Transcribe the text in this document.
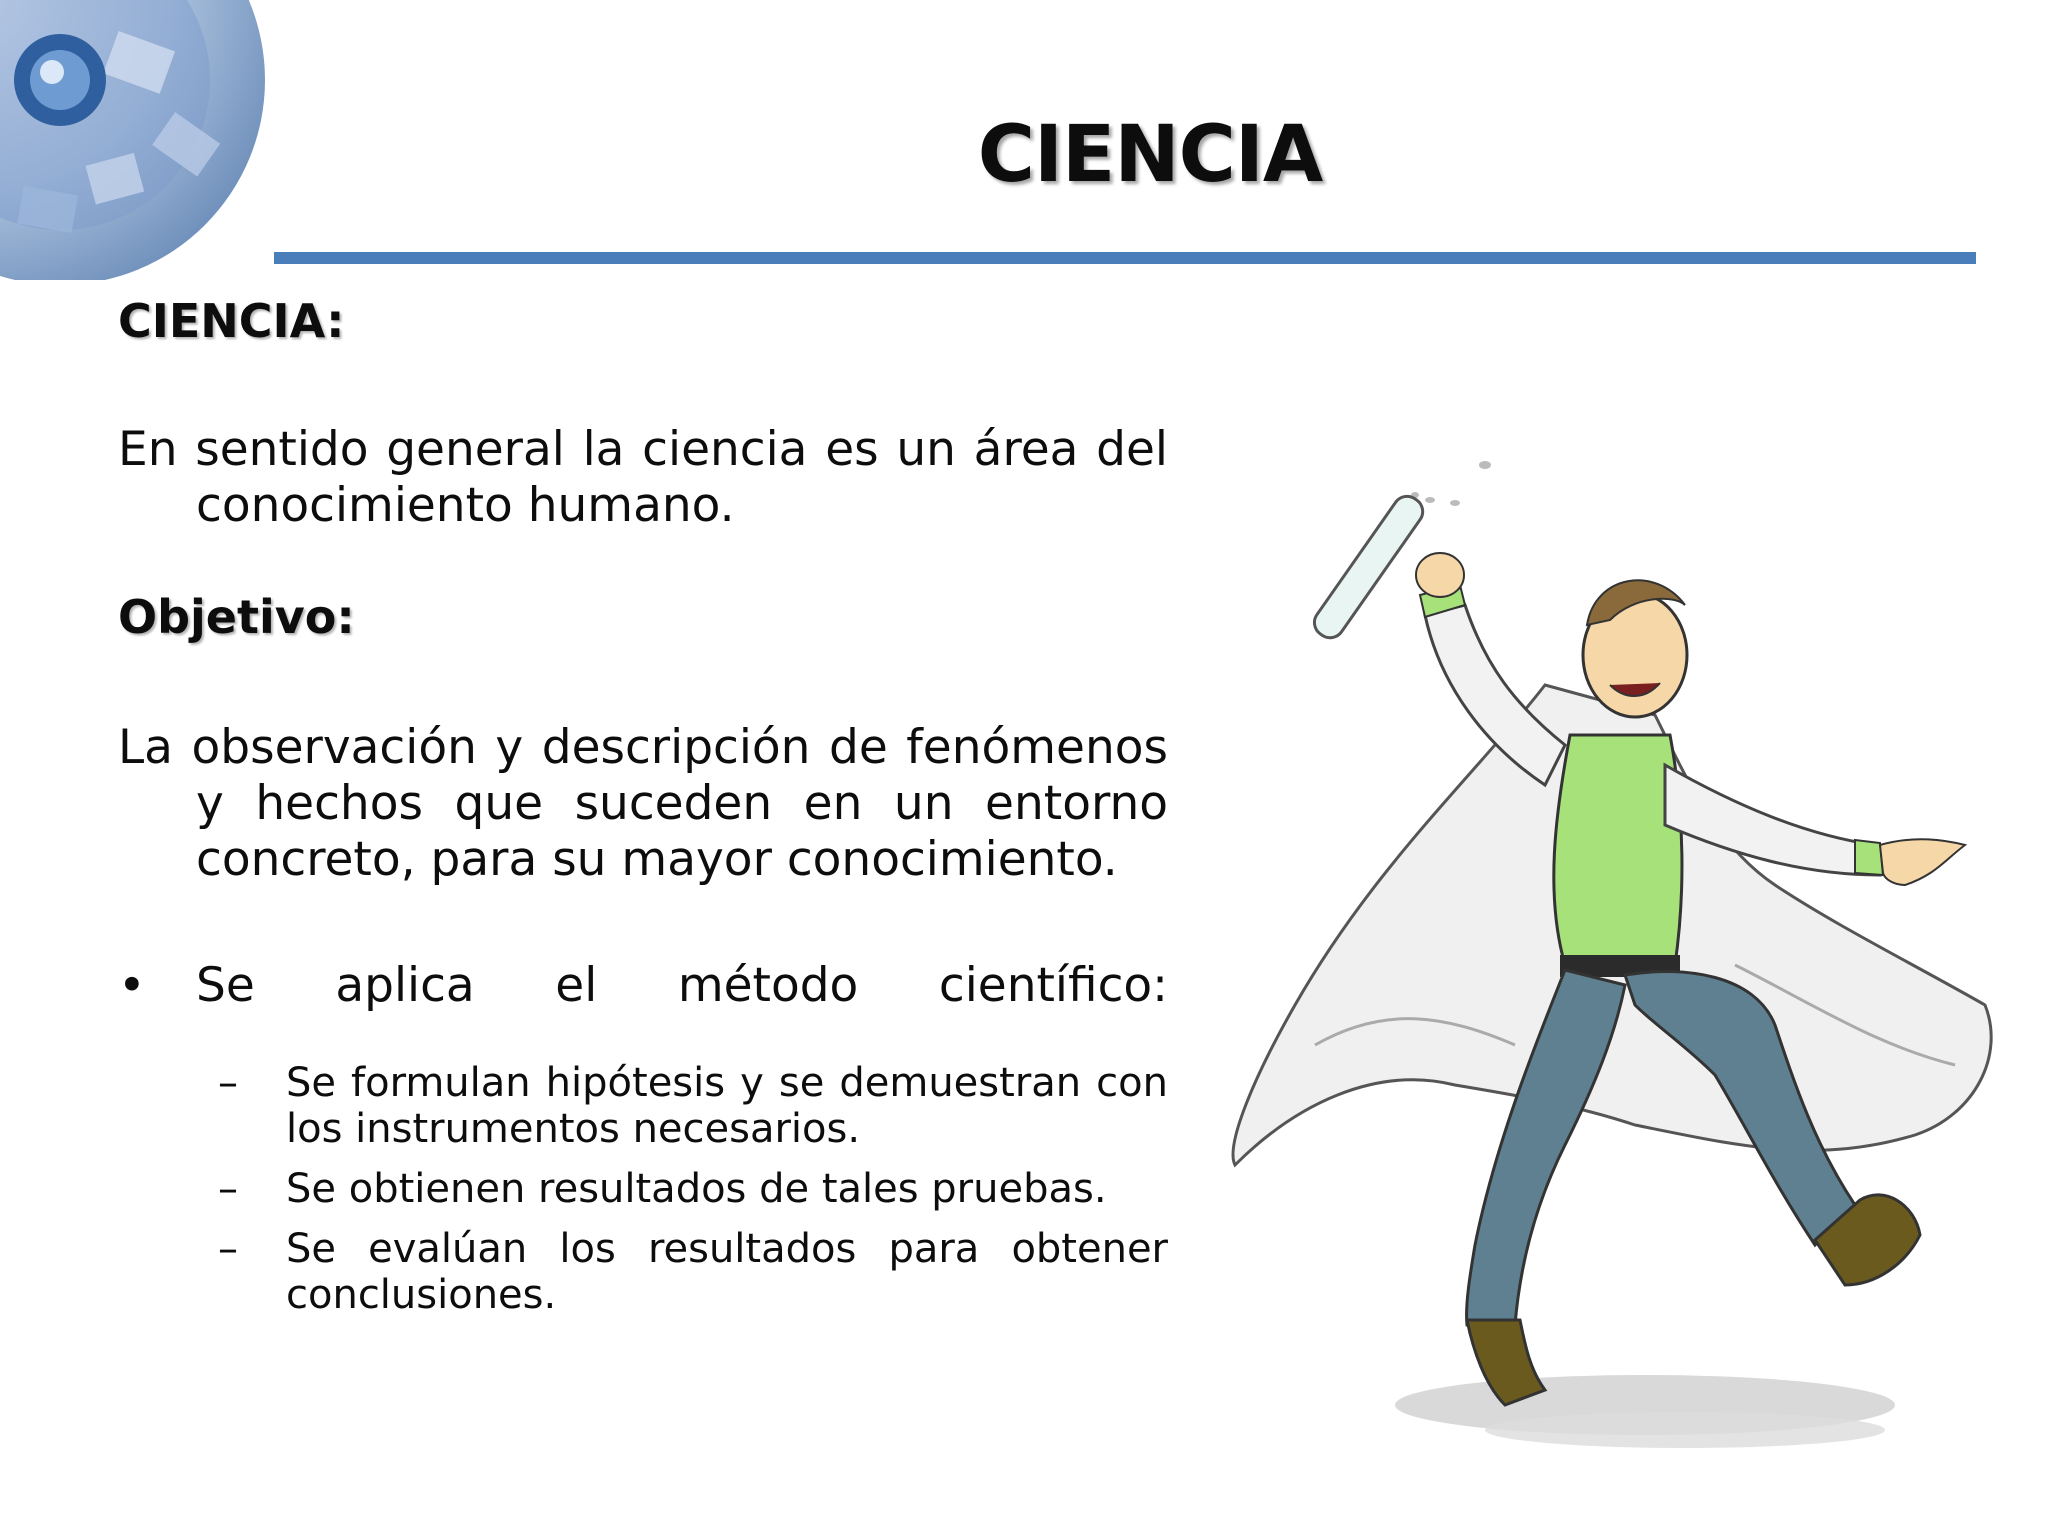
CIENCIA

CIENCIA:

En sentido general la ciencia es un área del conocimiento humano.

Objetivo:

La observación y descripción de fenómenos y hechos que suceden en un entorno concreto, para su mayor conocimiento.

•	Se aplica el método científico:
– Se formulan hipótesis y se demuestran con los instrumentos necesarios.
– Se obtienen resultados de tales pruebas.
– Se evalúan los resultados para obtener conclusiones.
